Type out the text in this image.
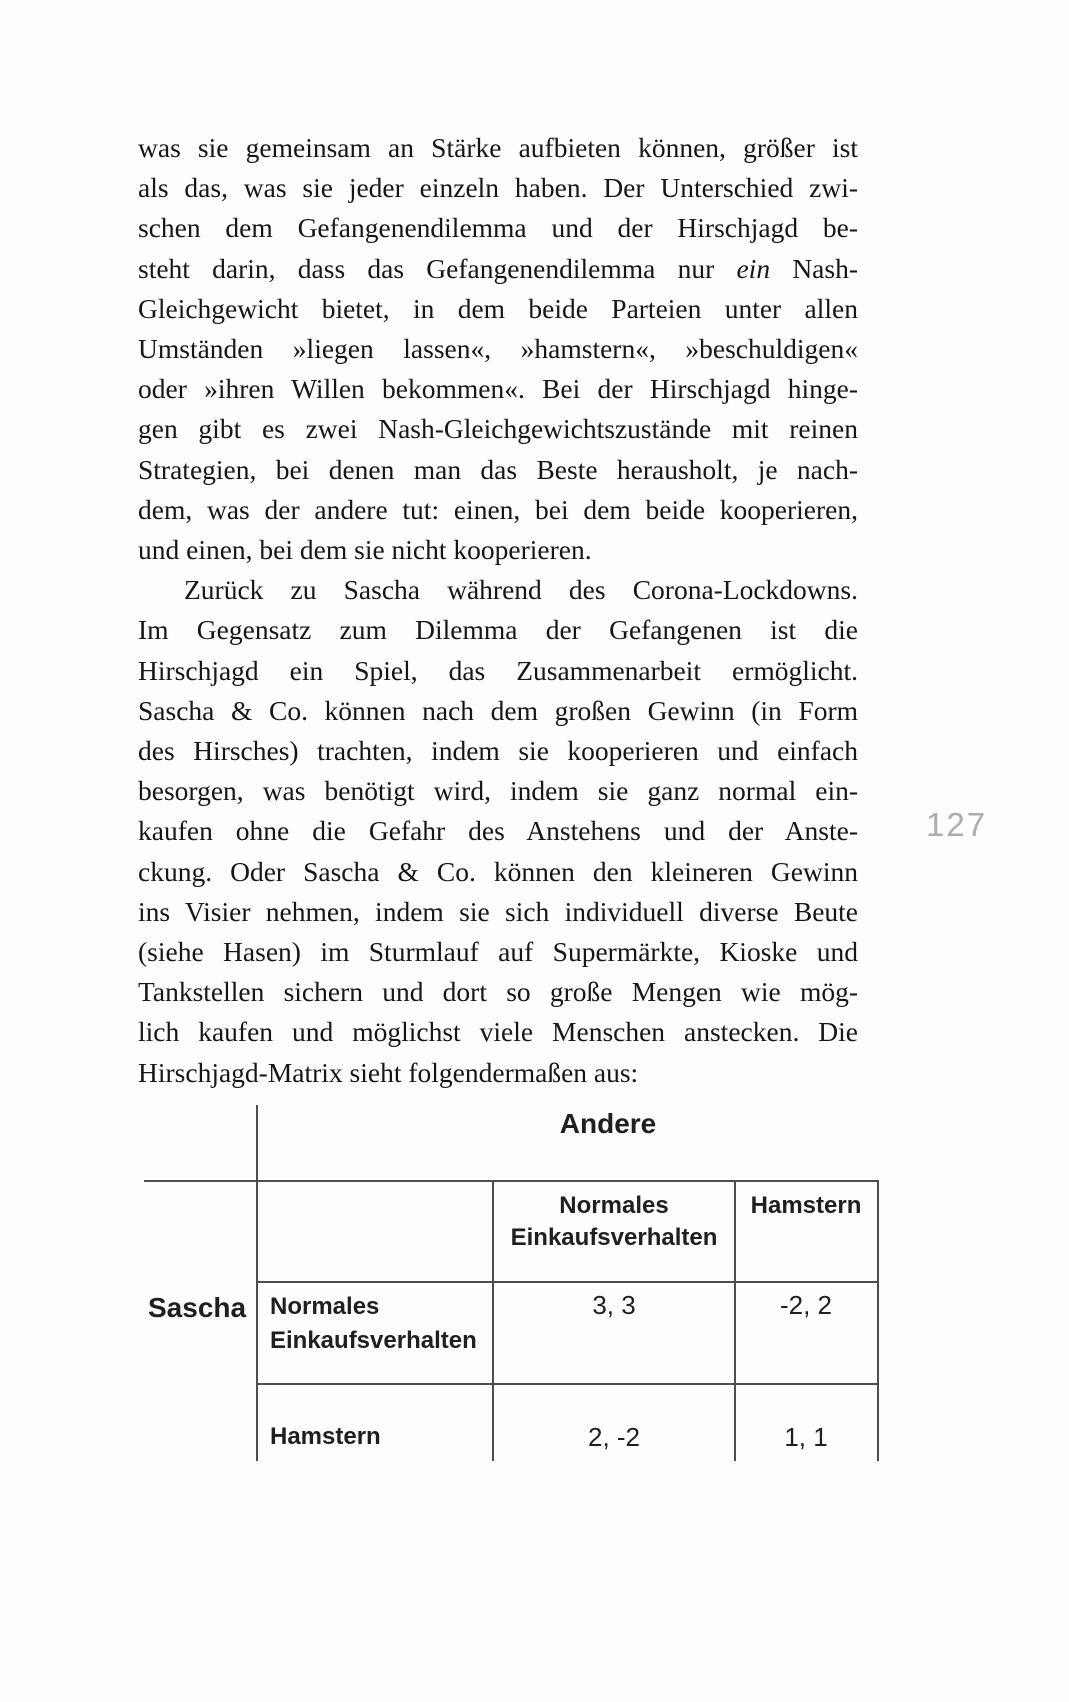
was sie gemeinsam an Stärke aufbieten können, größer ist
als das, was sie jeder einzeln haben. Der Unterschied zwi-
schen dem Gefangenendilemma und der Hirschjagd be-
steht darin, dass das Gefangenendilemma nur ein Nash-
Gleichgewicht bietet, in dem beide Parteien unter allen
Umständen »liegen lassen«, »hamstern«, »beschuldigen«
oder »ihren Willen bekommen«. Bei der Hirschjagd hinge-
gen gibt es zwei Nash-Gleichgewichtszustände mit reinen
Strategien, bei denen man das Beste herausholt, je nach-
dem, was der andere tut: einen, bei dem beide kooperieren,
und einen, bei dem sie nicht kooperieren.
Zurück zu Sascha während des Corona-Lockdowns.
Im Gegensatz zum Dilemma der Gefangenen ist die
Hirschjagd ein Spiel, das Zusammenarbeit ermöglicht.
Sascha & Co. können nach dem großen Gewinn (in Form
des Hirsches) trachten, indem sie kooperieren und einfach
besorgen, was benötigt wird, indem sie ganz normal ein-
kaufen ohne die Gefahr des Anstehens und der Anste-
ckung. Oder Sascha & Co. können den kleineren Gewinn
ins Visier nehmen, indem sie sich individuell diverse Beute
(siehe Hasen) im Sturmlauf auf Supermärkte, Kioske und
Tankstellen sichern und dort so große Mengen wie mög-
lich kaufen und möglichst viele Menschen anstecken. Die
Hirschjagd-Matrix sieht folgendermaßen aus:
127
Andere
Sascha
Normales Einkaufsverhalten
Hamstern
Normales Einkaufsverhalten
Hamstern
3, 3	-2, 2
2, -2	1, 1
